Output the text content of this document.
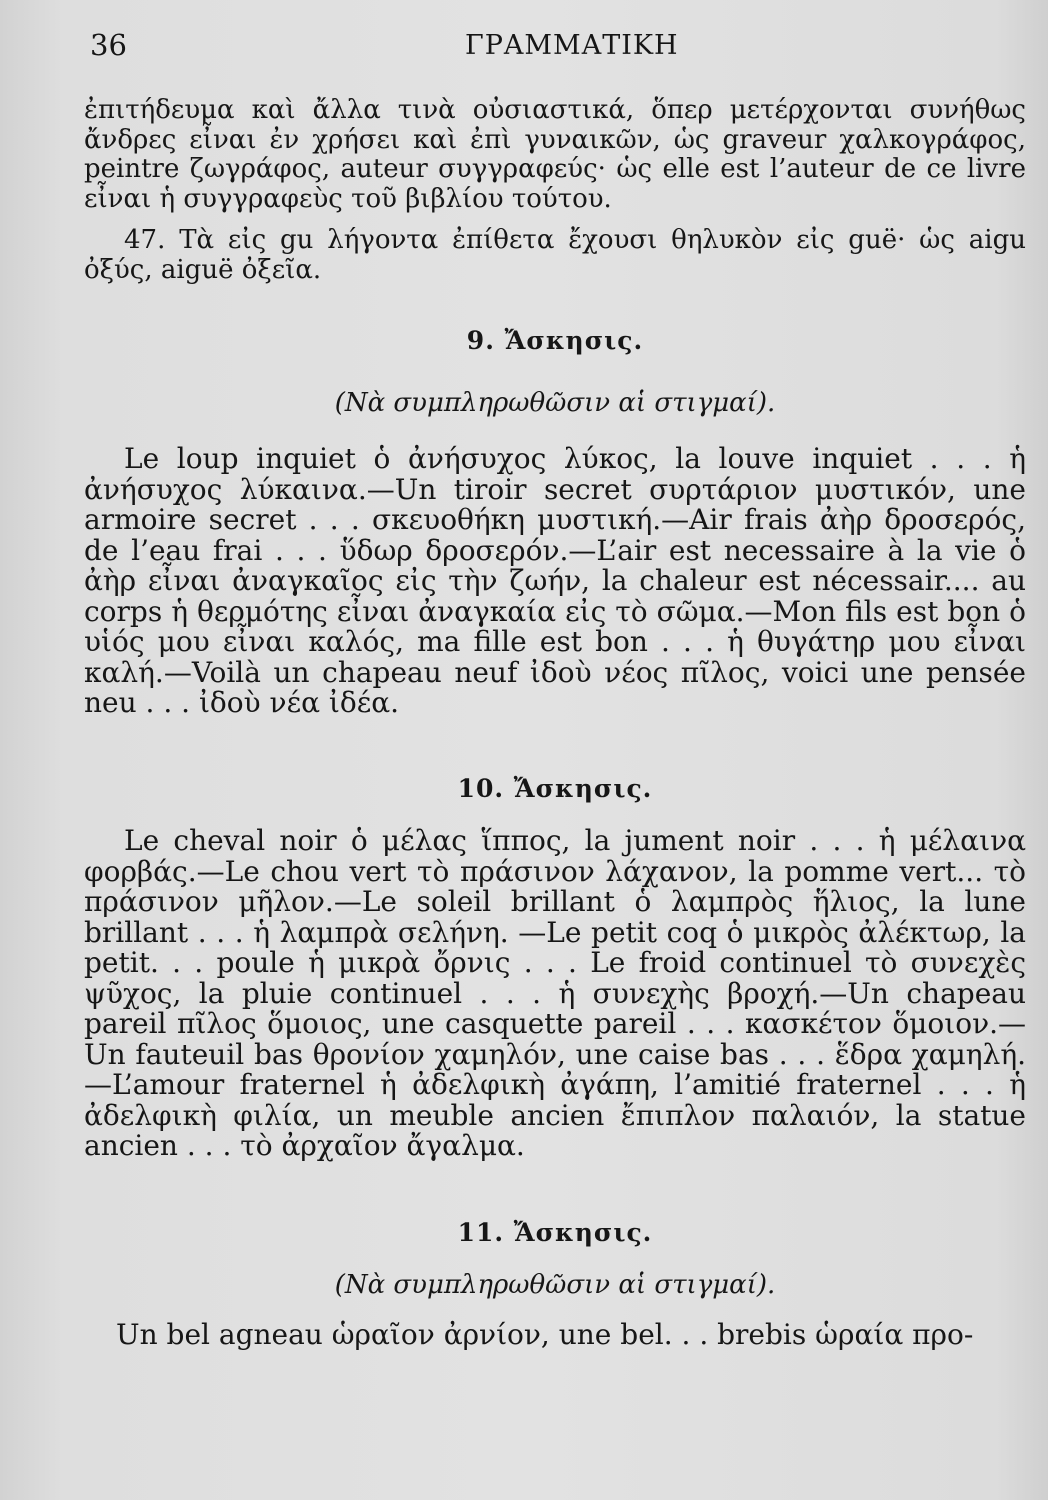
36	ΓΡΑΜΜΑΤΙΚΗ

ἐπιτήδευμα καὶ ἄλλα τινὰ οὐσιαστικά, ὅπερ μετέρχονται συνήθως ἄνδρες εἶναι ἐν χρήσει καὶ ἐπὶ γυναικῶν, ὡς graveur χαλκογράφος, peintre ζωγράφος, auteur συγγραφεύς· ὡς elle est l’auteur de ce livre εἶναι ἡ συγγραφεὺς τοῦ βιβλίου τούτου.

47. Τὰ εἰς gu λήγοντα ἐπίθετα ἔχουσι θηλυκὸν εἰς guë· ὡς aigu ὀξύς, aiguë ὀξεῖα.

9. Ἄσκησις.
(Νὰ συμπληρωθῶσιν αἱ στιγμαί).

Le loup inquiet ὁ ἀνήσυχος λύκος, la louve inquiet . . . ἡ ἀνήσυχος λύκαινα.—Un tiroir secret συρτάριον μυστικόν, une armoire secret . . . σκευοθήκη μυστική.—Air frais ἀὴρ δροσερός, de l’eau frai . . . ὕδωρ δροσερόν.—L’air est necessaire à la vie ὁ ἀὴρ εἶναι ἀναγκαῖος εἰς τὴν ζωήν, la chaleur est nécessair.... au corps ἡ θερμότης εἶναι ἀναγκαία εἰς τὸ σῶμα.—Mon fils est bon ὁ υἱός μου εἶναι καλός, ma fille est bon . . . ἡ θυγάτηρ μου εἶναι καλή.—Voilà un chapeau neuf ἰδοὺ νέος πῖλος, voici une pensée neu . . . ἰδοὺ νέα ἰδέα.

10. Ἄσκησις.

Le cheval noir ὁ μέλας ἵππος, la jument noir . . . ἡ μέλαινα φορβάς.—Le chou vert τὸ πράσινον λάχανον, la pomme vert... τὸ πράσινον μῆλον.—Le soleil brillant ὁ λαμπρὸς ἥλιος, la lune brillant . . . ἡ λαμπρὰ σελήνη. —Le petit coq ὁ μικρὸς ἀλέκτωρ, la petit. . . poule ἡ μικρὰ ὄρνις . . . Le froid continuel τὸ συνεχὲς ψῦχος, la pluie continuel . . . ἡ συνεχὴς βροχή.—Un chapeau pareil πῖλος ὅμοιος, une casquette pareil . . . κασκέτον ὅμοιον.—Un fauteuil bas θρονίον χαμηλόν, une caise bas . . . ἕδρα χαμηλή.—L’amour fraternel ἡ ἀδελφικὴ ἀγάπη, l’amitié fraternel . . . ἡ ἀδελφικὴ φιλία, un meuble ancien ἔπιπλον παλαιόν, la statue ancien . . . τὸ ἀρχαῖον ἄγαλμα.

11. Ἄσκησις.
(Νὰ συμπληρωθῶσιν αἱ στιγμαί).

Un bel agneau ὡραῖον ἀρνίον, une bel. . . brebis ὡραία προ-
